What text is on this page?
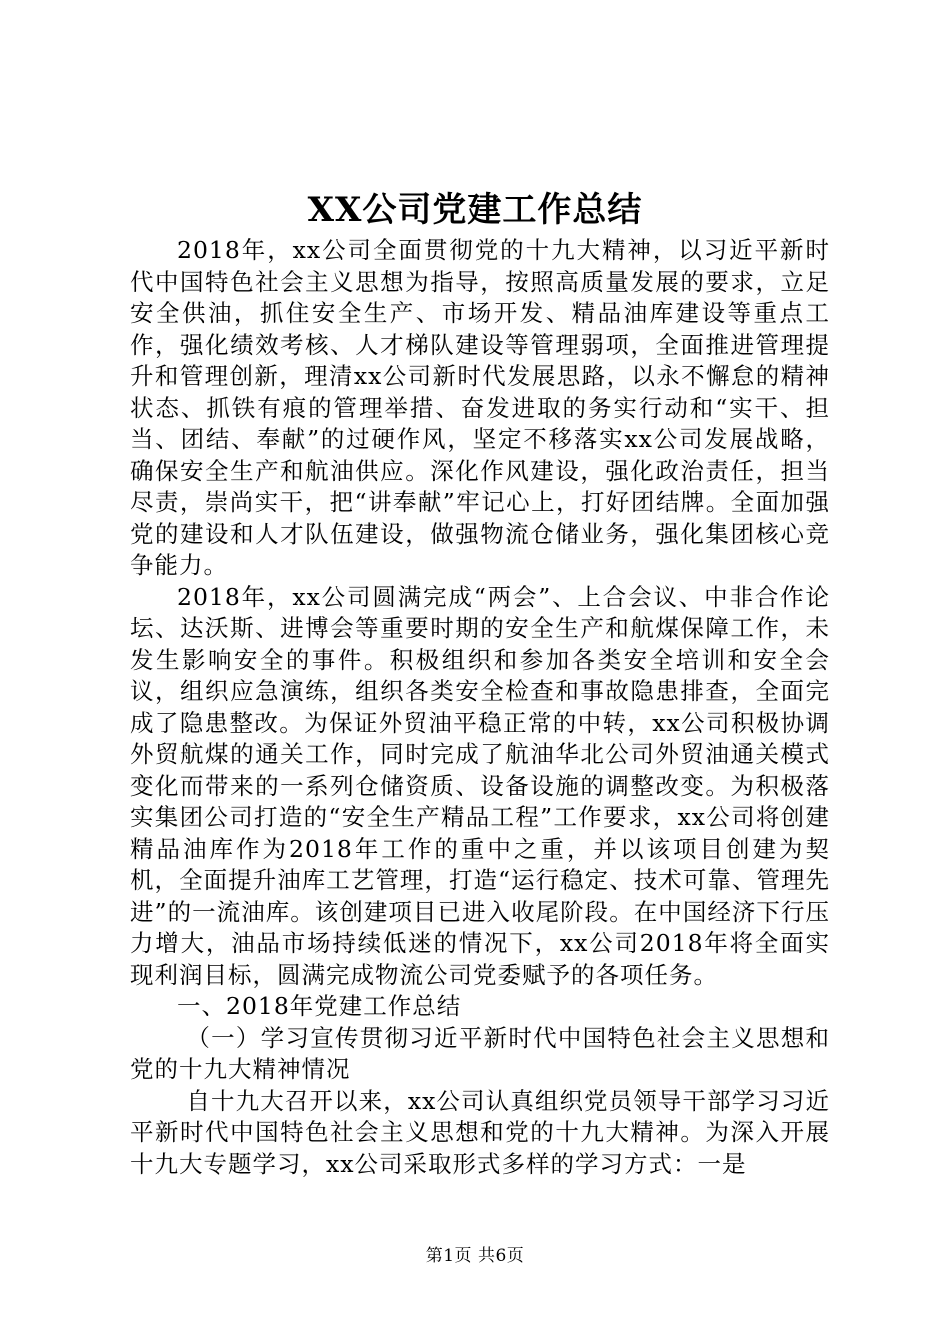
XX公司党建工作总结

2018年，xx公司全面贯彻党的十九大精神，以习近平新时代中国特色社会主义思想为指导，按照高质量发展的要求，立足安全供油，抓住安全生产、市场开发、精品油库建设等重点工作，强化绩效考核、人才梯队建设等管理弱项，全面推进管理提升和管理创新，理清xx公司新时代发展思路，以永不懈怠的精神状态、抓铁有痕的管理举措、奋发进取的务实行动和“实干、担当、团结、奉献”的过硬作风，坚定不移落实xx公司发展战略，确保安全生产和航油供应。深化作风建设，强化政治责任，担当尽责，崇尚实干，把“讲奉献”牢记心上，打好团结牌。全面加强党的建设和人才队伍建设，做强物流仓储业务，强化集团核心竞争能力。

2018年，xx公司圆满完成“两会”、上合会议、中非合作论坛、达沃斯、进博会等重要时期的安全生产和航煤保障工作，未发生影响安全的事件。积极组织和参加各类安全培训和安全会议，组织应急演练，组织各类安全检查和事故隐患排查，全面完成了隐患整改。为保证外贸油平稳正常的中转，xx公司积极协调外贸航煤的通关工作，同时完成了航油华北公司外贸油通关模式变化而带来的一系列仓储资质、设备设施的调整改变。为积极落实集团公司打造的“安全生产精品工程”工作要求，xx公司将创建精品油库作为2018年工作的重中之重，并以该项目创建为契机，全面提升油库工艺管理，打造“运行稳定、技术可靠、管理先进”的一流油库。该创建项目已进入收尾阶段。在中国经济下行压力增大，油品市场持续低迷的情况下，xx公司2018年将全面实现利润目标，圆满完成物流公司党委赋予的各项任务。

一、2018年党建工作总结

（一）学习宣传贯彻习近平新时代中国特色社会主义思想和党的十九大精神情况

自十九大召开以来，xx公司认真组织党员领导干部学习习近平新时代中国特色社会主义思想和党的十九大精神。为深入开展十九大专题学习，xx公司采取形式多样的学习方式：一是

第1页 共6页
